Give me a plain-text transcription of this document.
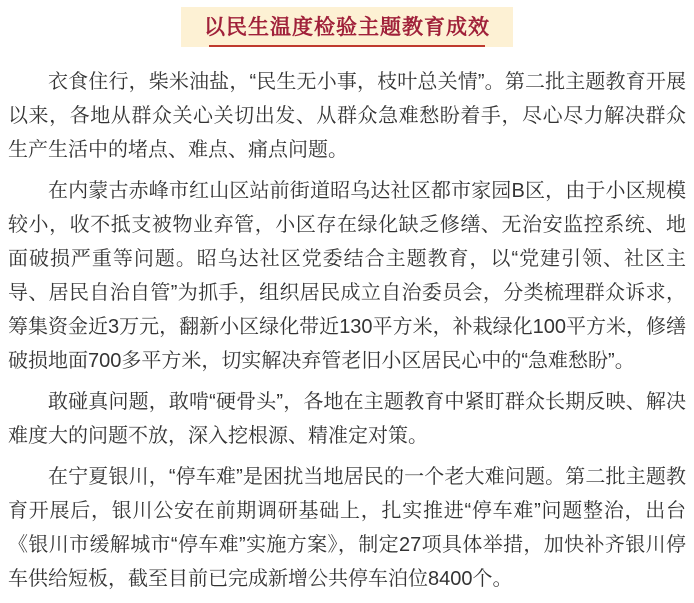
以民生温度检验主题教育成效

衣食住行，柴米油盐，“民生无小事，枝叶总关情”。第二批主题教育开展以来，各地从群众关心关切出发、从群众急难愁盼着手，尽心尽力解决群众生产生活中的堵点、难点、痛点问题。

在内蒙古赤峰市红山区站前街道昭乌达社区都市家园B区，由于小区规模较小，收不抵支被物业弃管，小区存在绿化缺乏修缮、无治安监控系统、地面破损严重等问题。昭乌达社区党委结合主题教育，以“党建引领、社区主导、居民自治自管”为抓手，组织居民成立自治委员会，分类梳理群众诉求，筹集资金近3万元，翻新小区绿化带近130平方米，补栽绿化100平方米，修缮破损地面700多平方米，切实解决弃管老旧小区居民心中的“急难愁盼”。

敢碰真问题，敢啃“硬骨头”，各地在主题教育中紧盯群众长期反映、解决难度大的问题不放，深入挖根源、精准定对策。

在宁夏银川，“停车难”是困扰当地居民的一个老大难问题。第二批主题教育开展后，银川公安在前期调研基础上，扎实推进“停车难”问题整治，出台《银川市缓解城市“停车难”实施方案》，制定27项具体举措，加快补齐银川停车供给短板，截至目前已完成新增公共停车泊位8400个。
